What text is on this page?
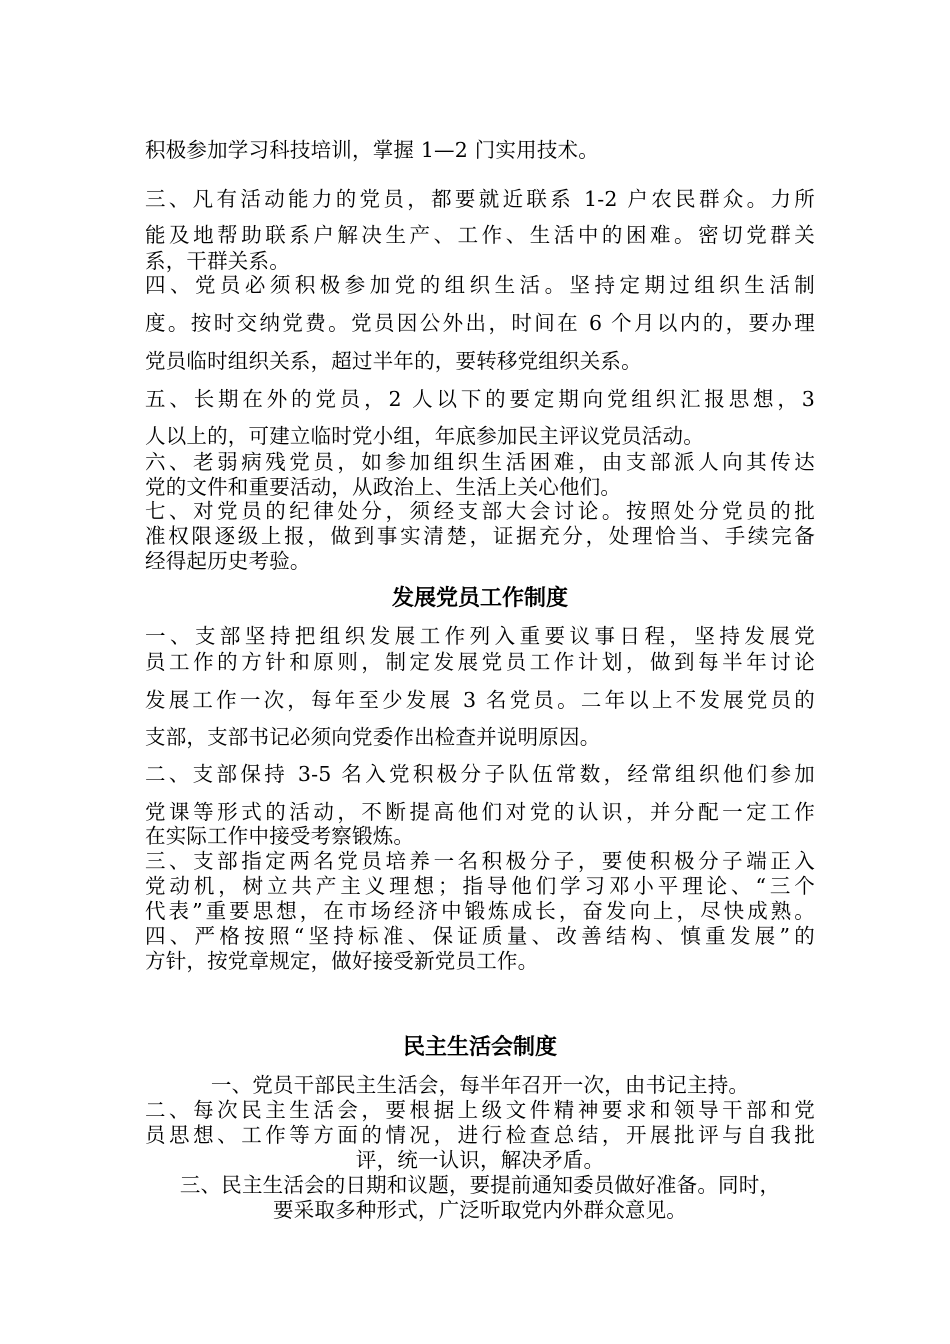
积极参加学习科技培训，掌握 1—2 门实用技术。
三、凡有活动能力的党员，都要就近联系 1-2 户农民群众。力所
能及地帮助联系户解决生产、工作、生活中的困难。密切党群关
系，干群关系。
四、党员必须积极参加党的组织生活。坚持定期过组织生活制
度。按时交纳党费。党员因公外出，时间在 6 个月以内的，要办理
党员临时组织关系，超过半年的，要转移党组织关系。
五、长期在外的党员，2 人以下的要定期向党组织汇报思想，3
人以上的，可建立临时党小组，年底参加民主评议党员活动。
六、老弱病残党员，如参加组织生活困难，由支部派人向其传达
党的文件和重要活动，从政治上、生活上关心他们。
七、对党员的纪律处分，须经支部大会讨论。按照处分党员的批
准权限逐级上报，做到事实清楚，证据充分，处理恰当、手续完备
经得起历史考验。
发展党员工作制度
一、支部坚持把组织发展工作列入重要议事日程，坚持发展党
员工作的方针和原则，制定发展党员工作计划，做到每半年讨论
发展工作一次，每年至少发展 3 名党员。二年以上不发展党员的
支部，支部书记必须向党委作出检查并说明原因。
二、支部保持 3-5 名入党积极分子队伍常数，经常组织他们参加
党课等形式的活动，不断提高他们对党的认识，并分配一定工作
在实际工作中接受考察锻炼。
三、支部指定两名党员培养一名积极分子，要使积极分子端正入
党动机，树立共产主义理想；指导他们学习邓小平理论、“三个
代表”重要思想，在市场经济中锻炼成长，奋发向上，尽快成熟。
四、严格按照“坚持标准、保证质量、改善结构、慎重发展”的
方针，按党章规定，做好接受新党员工作。
民主生活会制度
一、党员干部民主生活会，每半年召开一次，由书记主持。
二、每次民主生活会，要根据上级文件精神要求和领导干部和党
员思想、工作等方面的情况，进行检查总结，开展批评与自我批
评，统一认识，解决矛盾。
三、民主生活会的日期和议题，要提前通知委员做好准备。同时，
要采取多种形式，广泛听取党内外群众意见。
